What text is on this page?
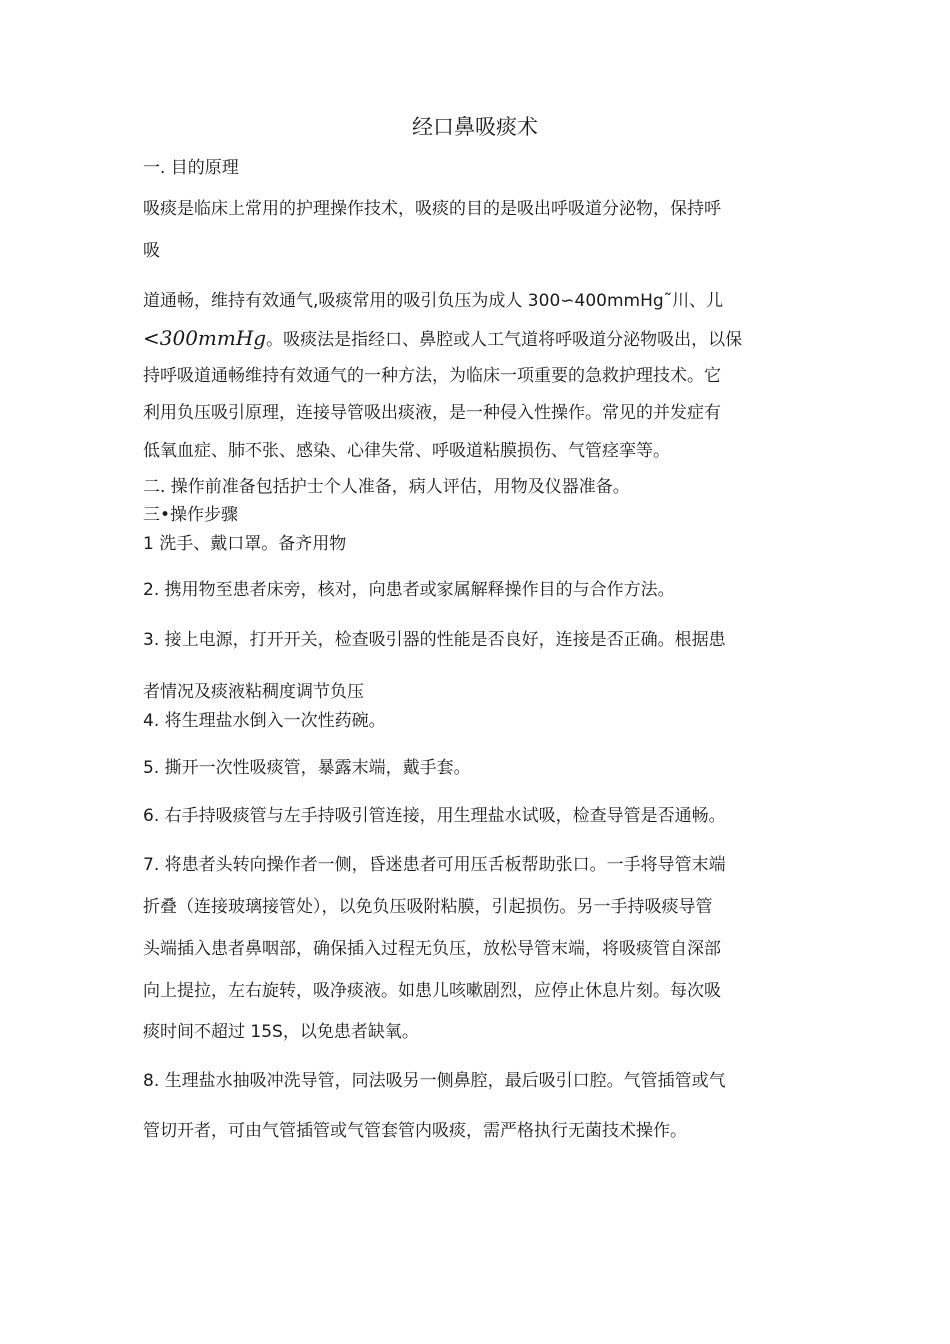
经口鼻吸痰术
一. 目的原理
吸痰是临床上常用的护理操作技术，吸痰的目的是吸出呼吸道分泌物，保持呼
吸
道通畅，维持有效通气,吸痰常用的吸引负压为成人 300∽400mmHg˜川、儿
<300mmHg。吸痰法是指经口、鼻腔或人工气道将呼吸道分泌物吸出，以保
持呼吸道通畅维持有效通气的一种方法，为临床一项重要的急救护理技术。它
利用负压吸引原理，连接导管吸出痰液，是一种侵入性操作。常见的并发症有
低氧血症、肺不张、感染、心律失常、呼吸道粘膜损伤、气管痉挛等。
二. 操作前准备包括护士个人准备，病人评估，用物及仪器准备。
三•操作步骤
1 洗手、戴口罩。备齐用物
2. 携用物至患者床旁，核对，向患者或家属解释操作目的与合作方法。
3. 接上电源，打开开关，检查吸引器的性能是否良好，连接是否正确。根据患
者情况及痰液粘稠度调节负压
4. 将生理盐水倒入一次性药碗。
5. 撕开一次性吸痰管，暴露末端，戴手套。
6. 右手持吸痰管与左手持吸引管连接，用生理盐水试吸，检查导管是否通畅。
7. 将患者头转向操作者一侧，昏迷患者可用压舌板帮助张口。一手将导管末端
折叠（连接玻璃接管处），以免负压吸附粘膜，引起损伤。另一手持吸痰导管
头端插入患者鼻咽部，确保插入过程无负压，放松导管末端，将吸痰管自深部
向上提拉，左右旋转，吸净痰液。如患儿咳嗽剧烈，应停止休息片刻。每次吸
痰时间不超过 15S，以免患者缺氧。
8. 生理盐水抽吸冲洗导管，同法吸另一侧鼻腔，最后吸引口腔。气管插管或气
管切开者，可由气管插管或气管套管内吸痰，需严格执行无菌技术操作。
